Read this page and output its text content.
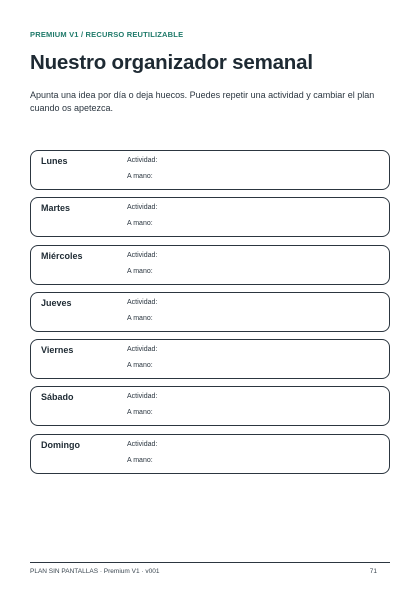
PREMIUM V1 / RECURSO REUTILIZABLE
Nuestro organizador semanal

Apunta una idea por día o deja huecos. Puedes repetir una actividad y cambiar el plan cuando os apetezca.

Lunes	Actividad:
A mano:
Martes	Actividad:
A mano:
Miércoles	Actividad:
A mano:
Jueves	Actividad:
A mano:
Viernes	Actividad:
A mano:
Sábado	Actividad:
A mano:
Domingo	Actividad:
A mano:
PLAN SIN PANTALLAS · Premium V1 · v001	71
